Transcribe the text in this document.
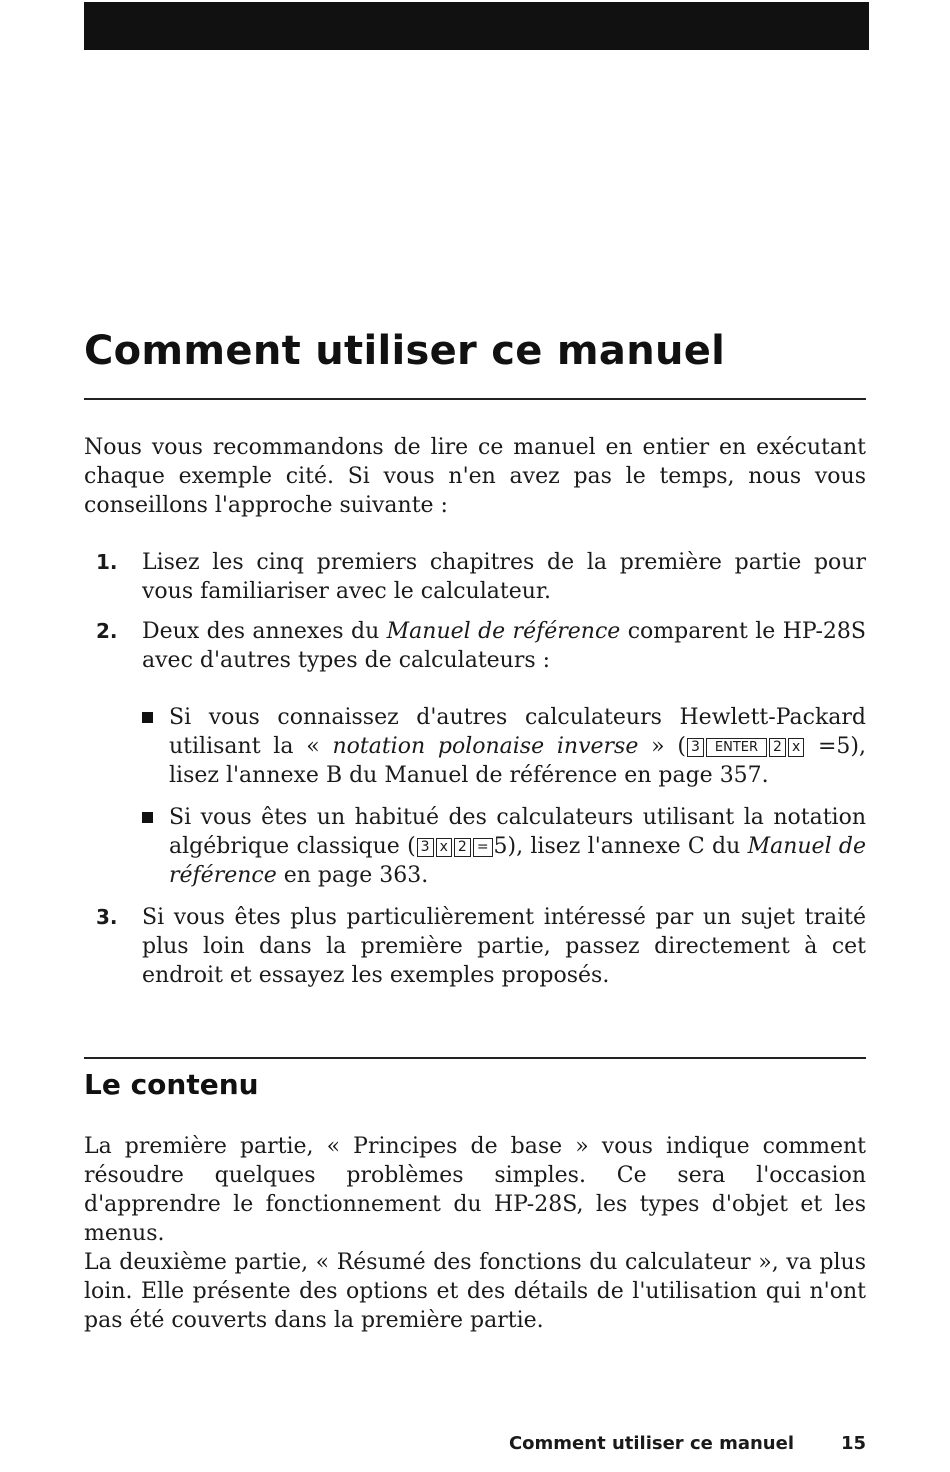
Comment utiliser ce manuel

Nous vous recommandons de lire ce manuel en entier en exécutant chaque exemple cité. Si vous n'en avez pas le temps, nous vous conseillons l'approche suivante :

1. Lisez les cinq premiers chapitres de la première partie pour vous familiariser avec le calculateur.
2. Deux des annexes du Manuel de référence comparent le HP-28S avec d'autres types de calculateurs :
Si vous connaissez d'autres calculateurs Hewlett-Packard utilisant la « notation polonaise inverse » ( 3 ENTER 2 x =5), lisez l'annexe B du Manuel de référence en page 357.
Si vous êtes un habitué des calculateurs utilisant la notation algébrique classique ( 3 x 2 = 5), lisez l'annexe C du Manuel de référence en page 363.
3. Si vous êtes plus particulièrement intéressé par un sujet traité plus loin dans la première partie, passez directement à cet endroit et essayez les exemples proposés.
Le contenu

La première partie, « Principes de base » vous indique comment résoudre quelques problèmes simples. Ce sera l'occasion d'apprendre le fonctionnement du HP-28S, les types d'objet et les menus.

La deuxième partie, « Résumé des fonctions du calculateur », va plus loin. Elle présente des options et des détails de l'utilisation qui n'ont pas été couverts dans la première partie.

Comment utiliser ce manuel	15
